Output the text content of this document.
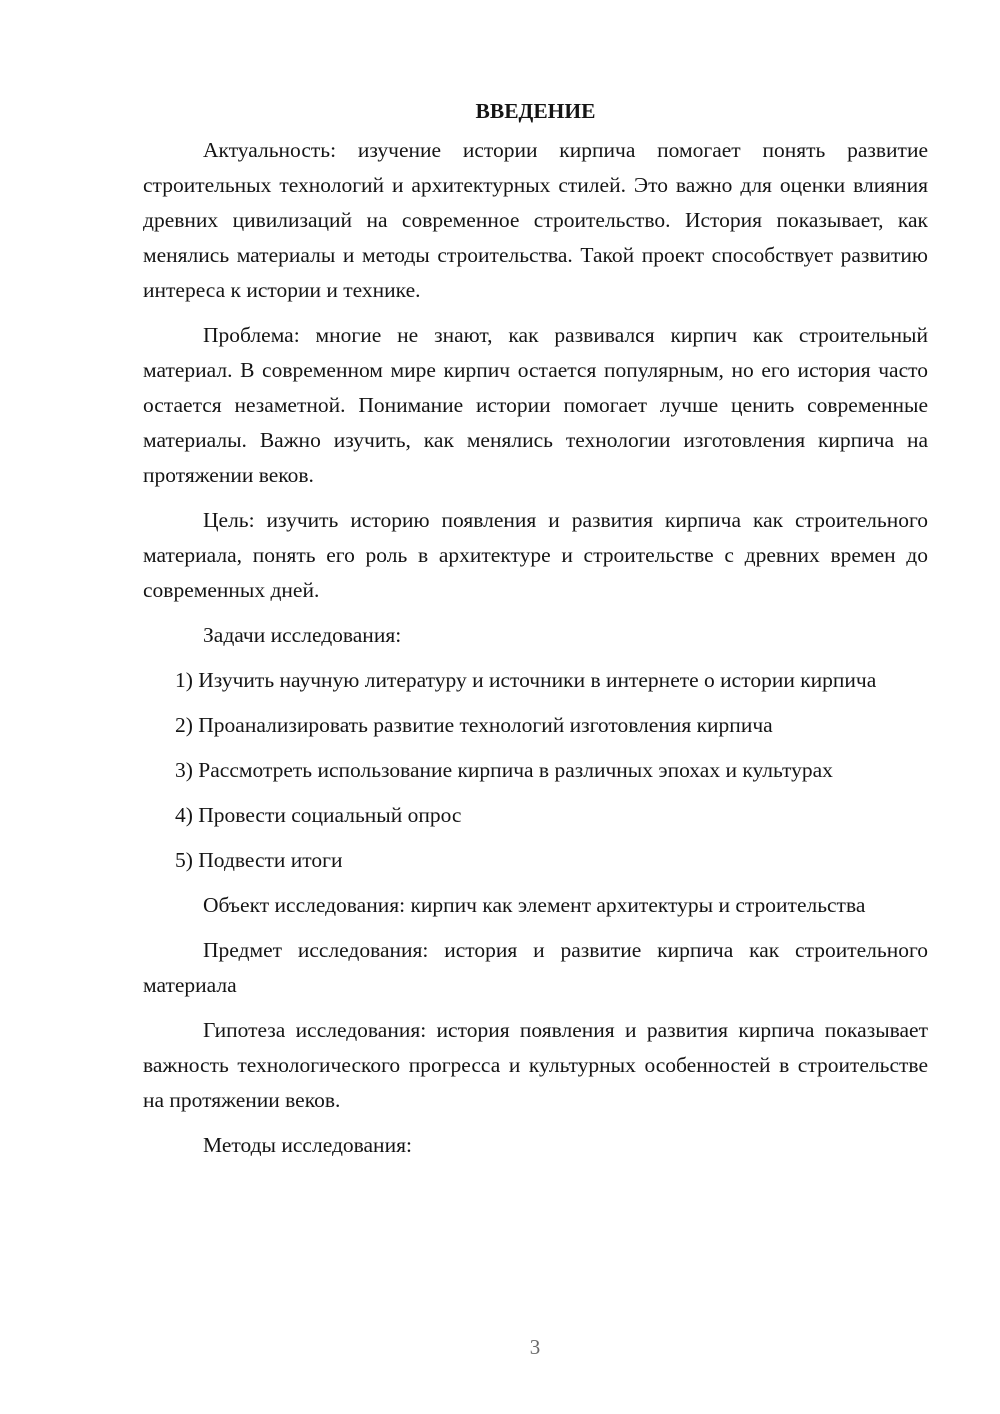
ВВЕДЕНИЕ

Актуальность: изучение истории кирпича помогает понять развитие строительных технологий и архитектурных стилей. Это важно для оценки влияния древних цивилизаций на современное строительство. История показывает, как менялись материалы и методы строительства. Такой проект способствует развитию интереса к истории и технике.

Проблема: многие не знают, как развивался кирпич как строительный материал. В современном мире кирпич остается популярным, но его история часто остается незаметной. Понимание истории помогает лучше ценить современные материалы. Важно изучить, как менялись технологии изготовления кирпича на протяжении веков.

Цель: изучить историю появления и развития кирпича как строительного материала, понять его роль в архитектуре и строительстве с древних времен до современных дней.

Задачи исследования:

1) Изучить научную литературу и источники в интернете о истории кирпича

2) Проанализировать развитие технологий изготовления кирпича

3) Рассмотреть использование кирпича в различных эпохах и культурах

4) Провести социальный опрос

5) Подвести итоги

Объект исследования: кирпич как элемент архитектуры и строительства

Предмет исследования: история и развитие кирпича как строительного материала

Гипотеза исследования: история появления и развития кирпича показывает важность технологического прогресса и культурных особенностей в строительстве на протяжении веков.

Методы исследования:

3
